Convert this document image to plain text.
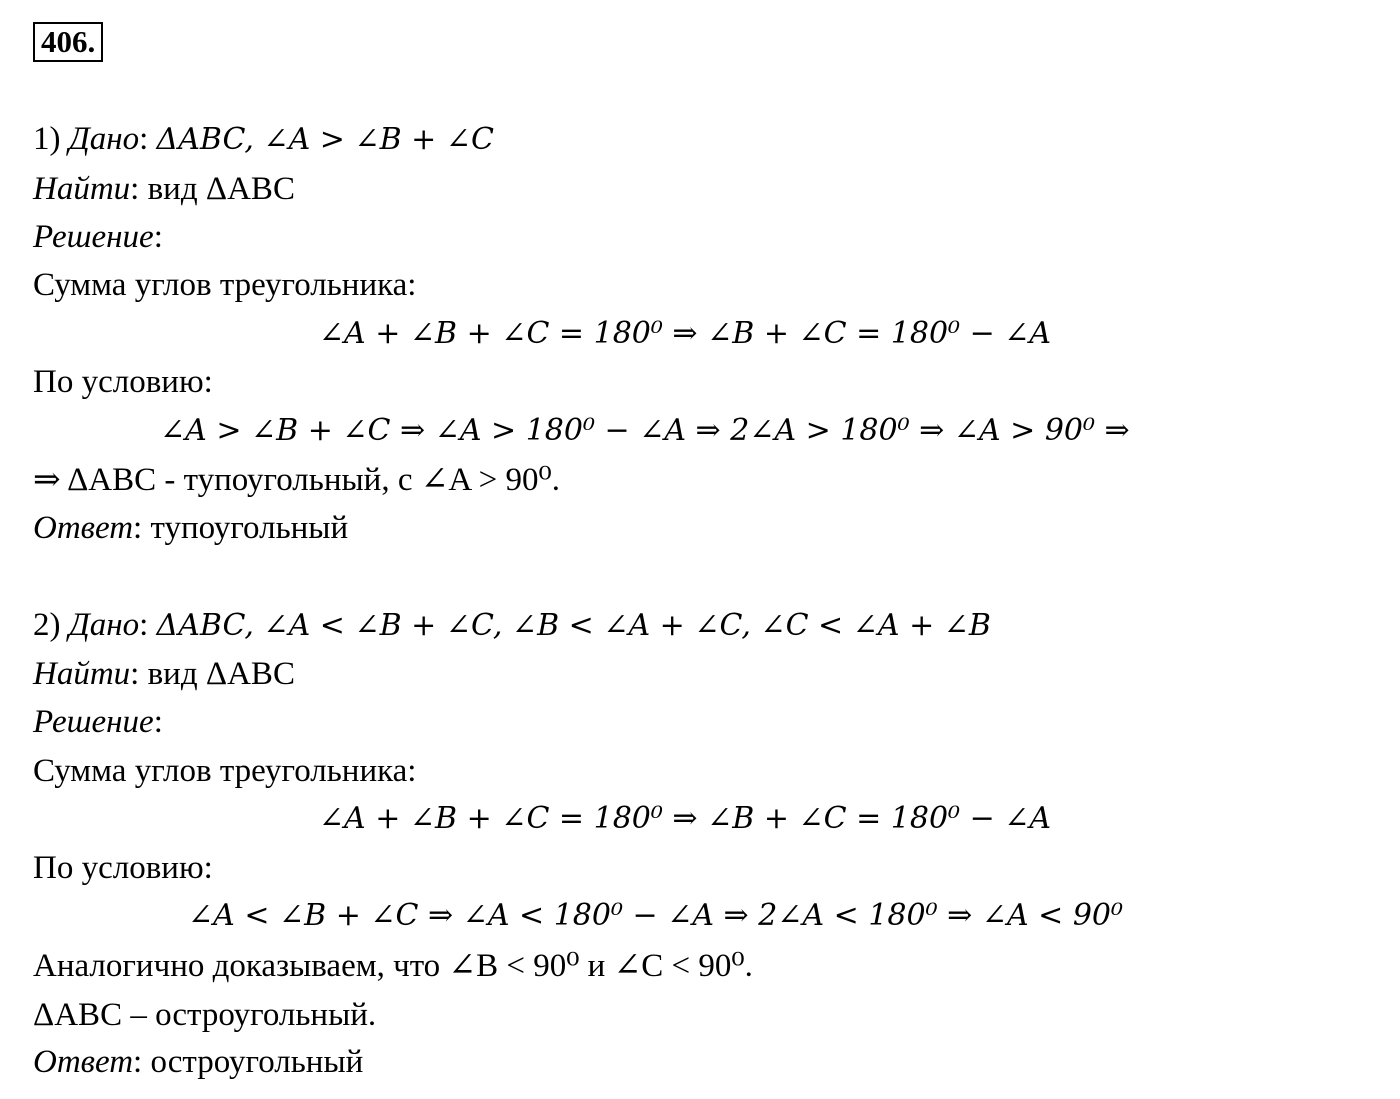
406.
1) Дано: ΔABC, ∠A > ∠B + ∠C
Найти: вид ΔABC
Решение:
Сумма углов треугольника:
∠A + ∠B + ∠C = 180⁰ ⇒ ∠B + ∠C = 180⁰ − ∠A
По условию:
∠A > ∠B + ∠C ⇒ ∠A > 180⁰ − ∠A ⇒ 2∠A > 180⁰ ⇒ ∠A > 90⁰ ⇒
⇒ ΔABC - тупоугольный, с ∠A > 90⁰.
Ответ: тупоугольный
2) Дано: ΔABC, ∠A < ∠B + ∠C, ∠B < ∠A + ∠C, ∠C < ∠A + ∠B
Найти: вид ΔABC
Решение:
Сумма углов треугольника:
∠A + ∠B + ∠C = 180⁰ ⇒ ∠B + ∠C = 180⁰ − ∠A
По условию:
∠A < ∠B + ∠C ⇒ ∠A < 180⁰ − ∠A ⇒ 2∠A < 180⁰ ⇒ ∠A < 90⁰
Аналогично доказываем, что ∠B < 90⁰ и ∠C < 90⁰.
ΔABC – остроугольный.
Ответ: остроугольный
